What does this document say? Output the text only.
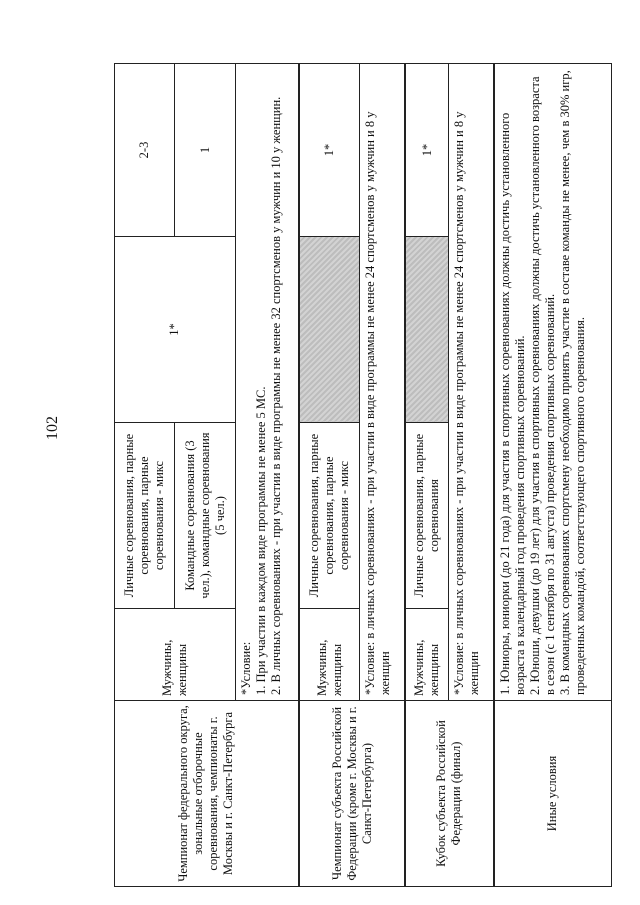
102
Чемпионат федерального округа, зональные отборочные соревнования, чемпионаты г. Москвы и г. Санкт-Петербурга	Мужчины, женщины	Личные соревнования, парные соревнования, парные соревнования - микс	1*	2-3
		Командные соревнования (3 чел.), командные соревнования (5 чел.)		1

	*Условие: 1. При участии в каждом виде программы не менее 5 МС. 2. В личных соревнованиях - при участии в виде программы не менее 32 спортсменов у мужчин и 10 у женщин.			

Чемпионат субъекта Российской Федерации (кроме г. Москвы и г. Санкт-Петербурга)	Мужчины, женщины	Личные соревнования, парные соревнования, парные соревнования - микс		1*
	*Условие: в личных соревнованиях - при участии в виде программы не менее 24 спортсменов у мужчин и 8 у женщин			
Кубок субъекта Российской Федерации (финал)	Мужчины, женщины	Личные соревнования, парные соревнования		1*
	*Условие: в личных соревнованиях - при участии в виде программы не менее 24 спортсменов у мужчин и 8 у женщин			
Иные условия	1. Юниоры, юниорки (до 21 года) для участия в спортивных соревнованиях должны достичь установленного возраста в календарный год проведения спортивных соревнований. 2. Юноши, девушки (до 19 лет) для участия в спортивных соревнованиях должны достичь установленного возраста в сезон (с 1 сентября по 31 августа) проведения спортивных соревнований. 3. В командных соревнованиях спортсмену необходимо принять участие в составе команды не менее, чем в 30% игр, проведенных командой, соответствующего спортивного соревнования.			
